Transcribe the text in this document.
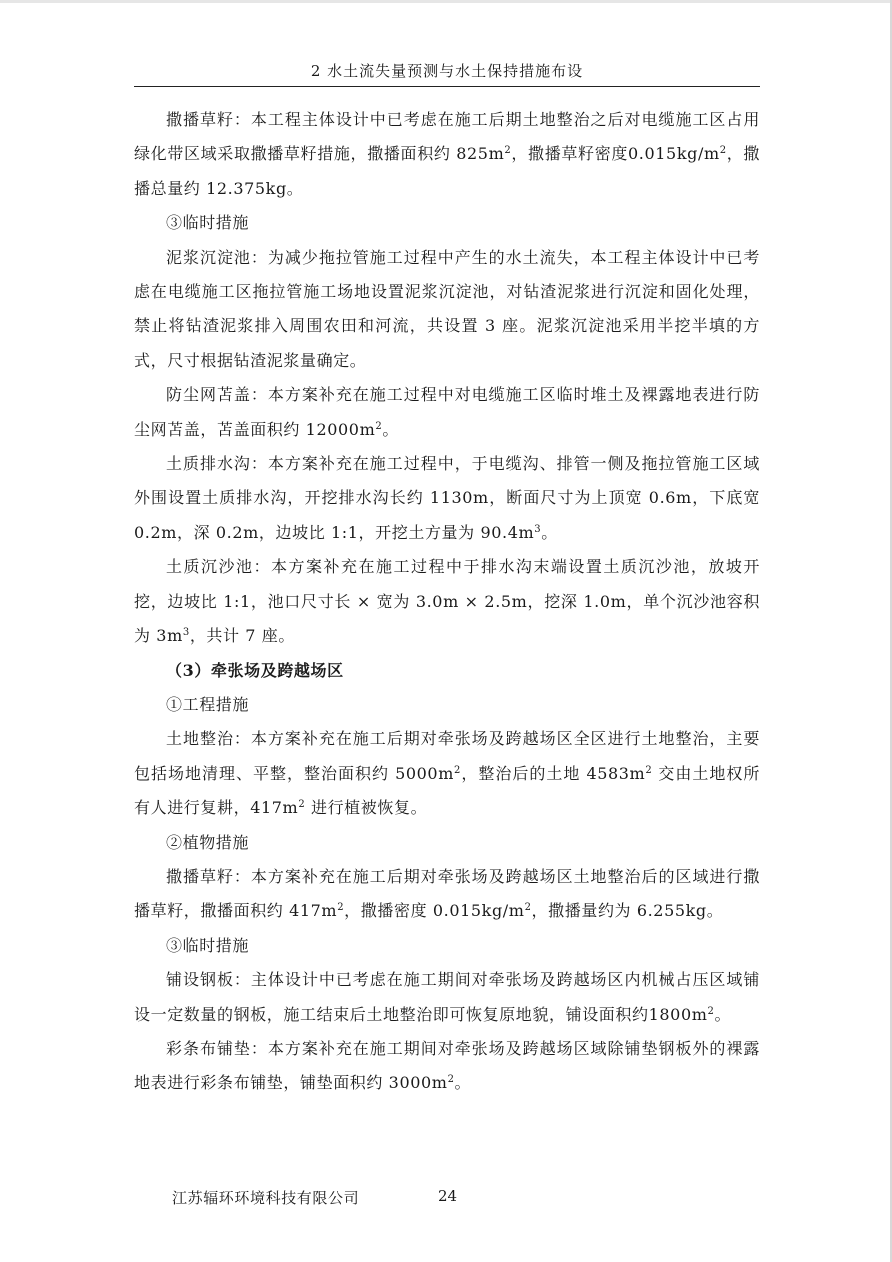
2 水土流失量预测与水土保持措施布设

撒播草籽：本工程主体设计中已考虑在施工后期土地整治之后对电缆施工区占用绿化带区域采取撒播草籽措施，撒播面积约 $825m^2$，撒播草籽密度$0.015kg/m^2$，撒播总量约 12.375kg。

③临时措施

泥浆沉淀池：为减少拖拉管施工过程中产生的水土流失，本工程主体设计中已考虑在电缆施工区拖拉管施工场地设置泥浆沉淀池，对钻渣泥浆进行沉淀和固化处理，禁止将钻渣泥浆排入周围农田和河流，共设置 3 座。泥浆沉淀池采用半挖半填的方式，尺寸根据钻渣泥浆量确定。

防尘网苫盖：本方案补充在施工过程中对电缆施工区临时堆土及裸露地表进行防尘网苫盖，苫盖面积约 $12000m^2$。

土质排水沟：本方案补充在施工过程中，于电缆沟、排管一侧及拖拉管施工区域外围设置土质排水沟，开挖排水沟长约 1130m，断面尺寸为上顶宽 0.6m，下底宽 0.2m，深 0.2m，边坡比 1:1，开挖土方量为 $90.4m^3$。

土质沉沙池：本方案补充在施工过程中于排水沟末端设置土质沉沙池，放坡开挖，边坡比 1:1，池口尺寸长 × 宽为 3.0m × 2.5m，挖深 1.0m，单个沉沙池容积为 $3m^3$，共计 7 座。

（3）牵张场及跨越场区

①工程措施

土地整治：本方案补充在施工后期对牵张场及跨越场区全区进行土地整治，主要包括场地清理、平整，整治面积约 $5000m^2$，整治后的土地 $4583m^2$ 交由土地权所有人进行复耕，$417m^2$ 进行植被恢复。

②植物措施

撒播草籽：本方案补充在施工后期对牵张场及跨越场区土地整治后的区域进行撒播草籽，撒播面积约 $417m^2$，撒播密度 $0.015kg/m^2$，撒播量约为 6.255kg。

③临时措施

铺设钢板：主体设计中已考虑在施工期间对牵张场及跨越场区内机械占压区域铺设一定数量的钢板，施工结束后土地整治即可恢复原地貌，铺设面积约$1800m^2$。

彩条布铺垫：本方案补充在施工期间对牵张场及跨越场区域除铺垫钢板外的裸露地表进行彩条布铺垫，铺垫面积约 $3000m^2$。

江苏辐环环境科技有限公司	24
